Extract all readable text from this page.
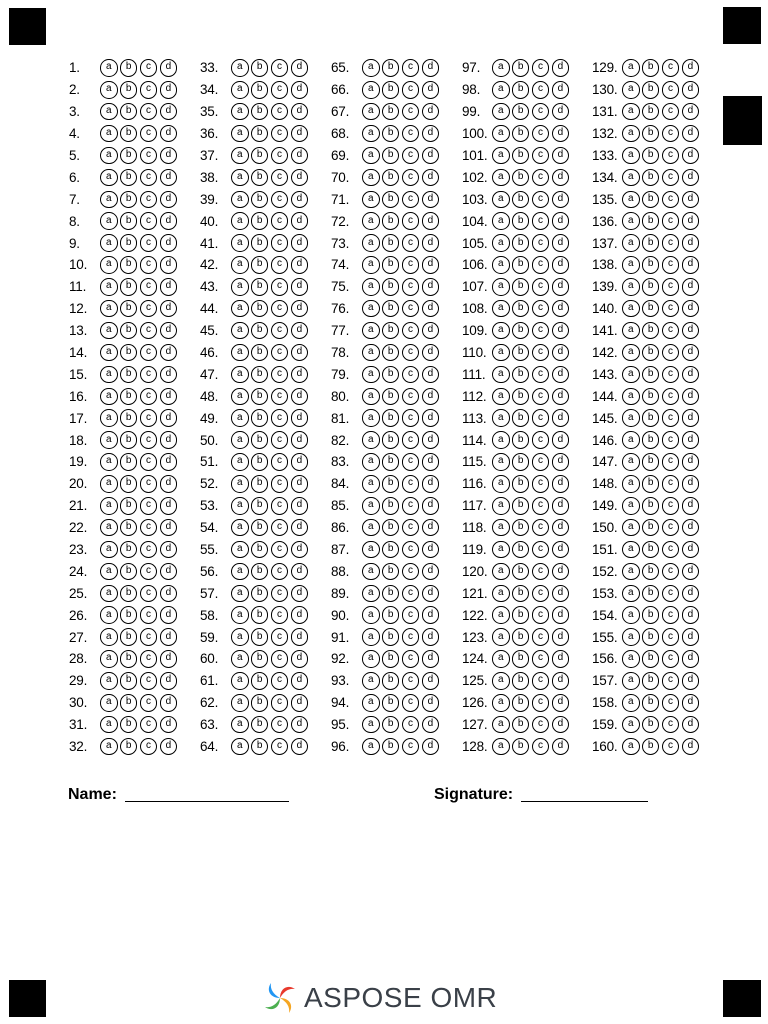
1.	a	b	c	d
2.	a	b	c	d
3.	a	b	c	d
4.	a	b	c	d
5.	a	b	c	d
6.	a	b	c	d
7.	a	b	c	d
8.	a	b	c	d
9.	a	b	c	d
10.	a	b	c	d
11.	a	b	c	d
12.	a	b	c	d
13.	a	b	c	d
14.	a	b	c	d
15.	a	b	c	d
16.	a	b	c	d
17.	a	b	c	d
18.	a	b	c	d
19.	a	b	c	d
20.	a	b	c	d
21.	a	b	c	d
22.	a	b	c	d
23.	a	b	c	d
24.	a	b	c	d
25.	a	b	c	d
26.	a	b	c	d
27.	a	b	c	d
28.	a	b	c	d
29.	a	b	c	d
30.	a	b	c	d
31.	a	b	c	d
32.	a	b	c	d
33.	a	b	c	d
34.	a	b	c	d
35.	a	b	c	d
36.	a	b	c	d
37.	a	b	c	d
38.	a	b	c	d
39.	a	b	c	d
40.	a	b	c	d
41.	a	b	c	d
42.	a	b	c	d
43.	a	b	c	d
44.	a	b	c	d
45.	a	b	c	d
46.	a	b	c	d
47.	a	b	c	d
48.	a	b	c	d
49.	a	b	c	d
50.	a	b	c	d
51.	a	b	c	d
52.	a	b	c	d
53.	a	b	c	d
54.	a	b	c	d
55.	a	b	c	d
56.	a	b	c	d
57.	a	b	c	d
58.	a	b	c	d
59.	a	b	c	d
60.	a	b	c	d
61.	a	b	c	d
62.	a	b	c	d
63.	a	b	c	d
64.	a	b	c	d
65.	a	b	c	d
66.	a	b	c	d
67.	a	b	c	d
68.	a	b	c	d
69.	a	b	c	d
70.	a	b	c	d
71.	a	b	c	d
72.	a	b	c	d
73.	a	b	c	d
74.	a	b	c	d
75.	a	b	c	d
76.	a	b	c	d
77.	a	b	c	d
78.	a	b	c	d
79.	a	b	c	d
80.	a	b	c	d
81.	a	b	c	d
82.	a	b	c	d
83.	a	b	c	d
84.	a	b	c	d
85.	a	b	c	d
86.	a	b	c	d
87.	a	b	c	d
88.	a	b	c	d
89.	a	b	c	d
90.	a	b	c	d
91.	a	b	c	d
92.	a	b	c	d
93.	a	b	c	d
94.	a	b	c	d
95.	a	b	c	d
96.	a	b	c	d
97.	a	b	c	d
98.	a	b	c	d
99.	a	b	c	d
100.	a	b	c	d
101.	a	b	c	d
102.	a	b	c	d
103.	a	b	c	d
104.	a	b	c	d
105.	a	b	c	d
106.	a	b	c	d
107.	a	b	c	d
108.	a	b	c	d
109.	a	b	c	d
110.	a	b	c	d
111.	a	b	c	d
112.	a	b	c	d
113.	a	b	c	d
114.	a	b	c	d
115.	a	b	c	d
116.	a	b	c	d
117.	a	b	c	d
118.	a	b	c	d
119.	a	b	c	d
120.	a	b	c	d
121.	a	b	c	d
122.	a	b	c	d
123.	a	b	c	d
124.	a	b	c	d
125.	a	b	c	d
126.	a	b	c	d
127.	a	b	c	d
128.	a	b	c	d
129.	a	b	c	d
130.	a	b	c	d
131.	a	b	c	d
132.	a	b	c	d
133.	a	b	c	d
134.	a	b	c	d
135.	a	b	c	d
136.	a	b	c	d
137.	a	b	c	d
138.	a	b	c	d
139.	a	b	c	d
140.	a	b	c	d
141.	a	b	c	d
142.	a	b	c	d
143.	a	b	c	d
144.	a	b	c	d
145.	a	b	c	d
146.	a	b	c	d
147.	a	b	c	d
148.	a	b	c	d
149.	a	b	c	d
150.	a	b	c	d
151.	a	b	c	d
152.	a	b	c	d
153.	a	b	c	d
154.	a	b	c	d
155.	a	b	c	d
156.	a	b	c	d
157.	a	b	c	d
158.	a	b	c	d
159.	a	b	c	d
160.	a	b	c	d
Name:	Signature:
ASPOSE OMR
